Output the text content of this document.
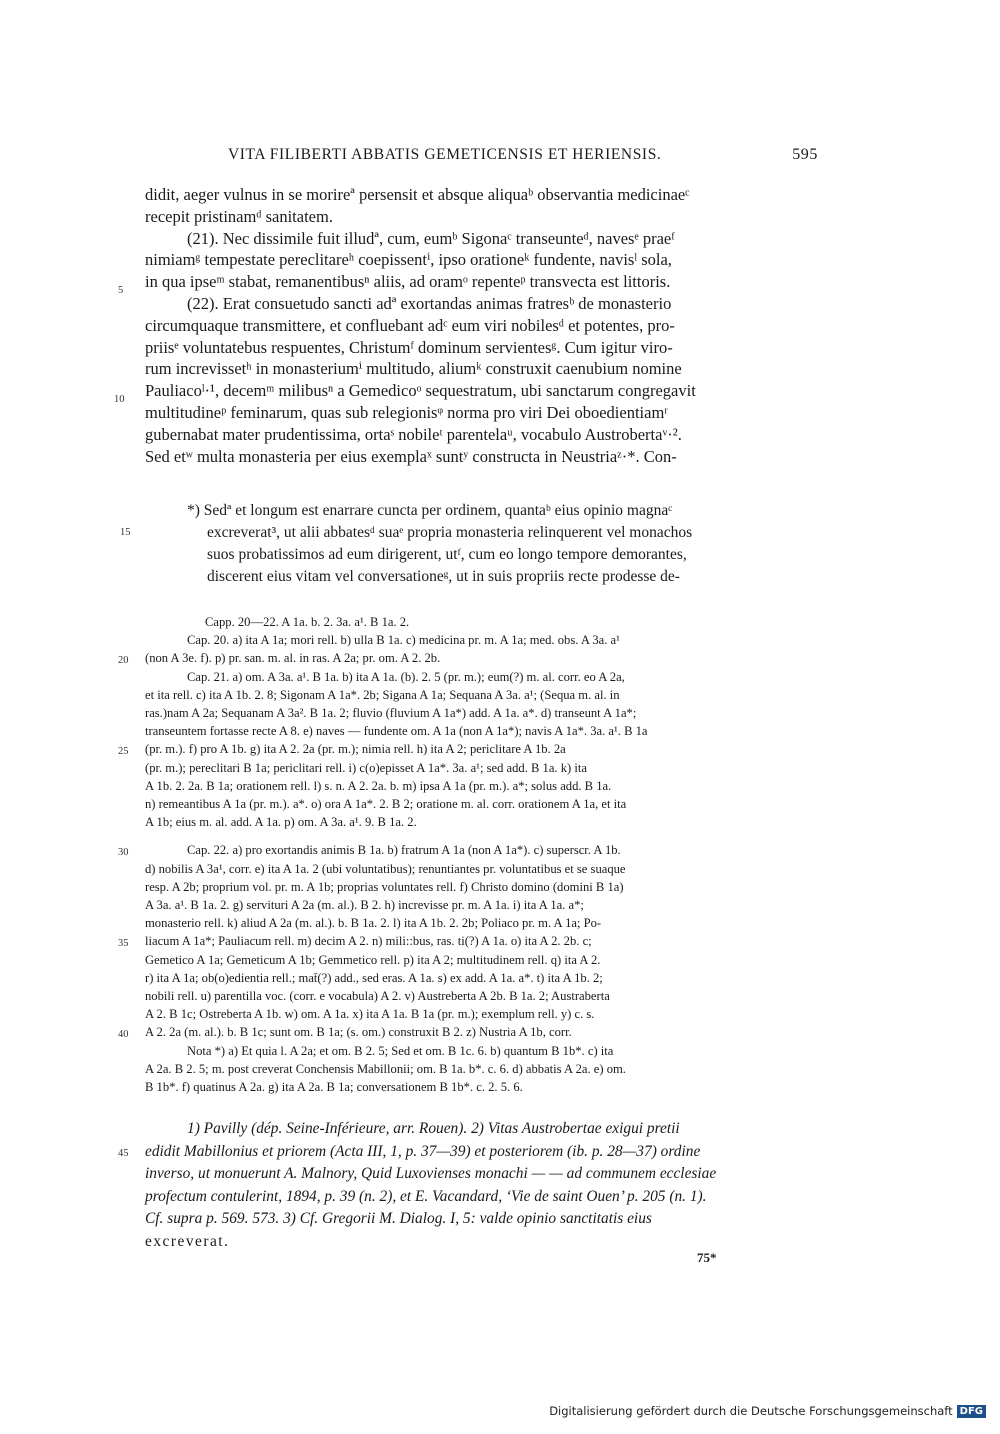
VITA FILIBERTI ABBATIS GEMETICENSIS ET HERIENSIS.	595
didit, aeger vulnus in se morireª persensit et absque aliquaᵇ observantia medicinaeᶜ
recepit pristinamᵈ sanitatem.
(21). Nec dissimile fuit illudª, cum, eumᵇ Sigonaᶜ transeunteᵈ, navesᵉ praeᶠ
nimiamᵍ tempestate pereclitareʰ coepissentⁱ, ipso orationeᵏ fundente, navisˡ sola,
in qua ipseᵐ stabat, remanentibusⁿ aliis, ad oramᵒ repenteᵖ transvecta est littoris.
(22). Erat consuetudo sancti adª exortandas animas fratresᵇ de monasterio
circumquaque transmittere, et confluebant adᶜ eum viri nobilesᵈ et potentes, pro-
priisᵉ voluntatebus respuentes, Christumᶠ dominum servientesᵍ. Cum igitur viro-
rum increvissetʰ in monasteriumⁱ multitudo, aliumᵏ construxit caenubium nomine
Pauliacoˡ·¹, decemᵐ milibusⁿ a Gemedicoᵒ sequestratum, ubi sanctarum congregavit
multitudineᵖ feminarum, quas sub relegionisᵠ norma pro viri Dei oboedientiamʳ
gubernabat mater prudentissima, ortaˢ nobileᵗ parentelaᵘ, vocabulo Austrobertaᵛ·².
Sed etʷ multa monasteria per eius exemplaˣ suntʸ constructa in Neustriaᶻ·*. Con-
5
10
*) Sedª et longum est enarrare cuncta per ordinem, quantaᵇ eius opinio magnaᶜ
excreverat³, ut alii abbatesᵈ suaᵉ propria monasteria relinquerent vel monachos
suos probatissimos ad eum dirigerent, utᶠ, cum eo longo tempore demorantes,
discerent eius vitam vel conversationeᵍ, ut in suis propriis recte prodesse de-
15
Capp. 20—22. A 1a. b. 2. 3a. a¹. B 1a. 2.
Cap. 20. a) ita A 1a; mori rell. b) ulla B 1a. c) medicina pr. m. A 1a; med. obs. A 3a. a¹
(non A 3e. f). p) pr. san. m. al. in ras. A 2a; pr. om. A 2. 2b.
Cap. 21. a) om. A 3a. a¹. B 1a. b) ita A 1a. (b). 2. 5 (pr. m.); eum(?) m. al. corr. eo A 2a,
et ita rell. c) ita A 1b. 2. 8; Sigonam A 1a*. 2b; Sigana A 1a; Sequana A 3a. a¹; (Sequa m. al. in
ras.)nam A 2a; Sequanam A 3a². B 1a. 2; fluvio (fluvium A 1a*) add. A 1a. a*. d) transeunt A 1a*;
transeuntem fortasse recte A 8. e) naves — fundente om. A 1a (non A 1a*); navis A 1a*. 3a. a¹. B 1a
(pr. m.). f) pro A 1b. g) ita A 2. 2a (pr. m.); nimia rell. h) ita A 2; periclitare A 1b. 2a
(pr. m.); pereclitari B 1a; periclitari rell. i) c(o)episset A 1a*. 3a. a¹; sed add. B 1a. k) ita
A 1b. 2. 2a. B 1a; orationem rell. l) s. n. A 2. 2a. b. m) ipsa A 1a (pr. m.). a*; solus add. B 1a.
n) remeantibus A 1a (pr. m.). a*. o) ora A 1a*. 2. B 2; oratione m. al. corr. orationem A 1a, et ita
A 1b; eius m. al. add. A 1a. p) om. A 3a. a¹. 9. B 1a. 2.
Cap. 22. a) pro exortandis animis B 1a. b) fratrum A 1a (non A 1a*). c) superscr. A 1b.
d) nobilis A 3a¹, corr. e) ita A 1a. 2 (ubi voluntatibus); renuntiantes pr. voluntatibus et se suaque
resp. A 2b; proprium vol. pr. m. A 1b; proprias voluntates rell. f) Christo domino (domini B 1a)
A 3a. a¹. B 1a. 2. g) servituri A 2a (m. al.). B 2. h) increvisse pr. m. A 1a. i) ita A 1a. a*;
monasterio rell. k) aliud A 2a (m. al.). b. B 1a. 2. l) ita A 1b. 2. 2b; Poliaco pr. m. A 1a; Po-
liacum A 1a*; Pauliacum rell. m) decim A 2. n) mili::bus, ras. ti(?) A 1a. o) ita A 2. 2b. c;
Gemetico A 1a; Gemeticum A 1b; Gemmetico rell. p) ita A 2; multitudinem rell. q) ita A 2.
r) ita A 1a; ob(o)edientia rell.; mat̄(?) add., sed eras. A 1a. s) ex add. A 1a. a*. t) ita A 1b. 2;
nobili rell. u) parentilla voc. (corr. e vocabula) A 2. v) Austreberta A 2b. B 1a. 2; Austraberta
A 2. B 1c; Ostreberta A 1b. w) om. A 1a. x) ita A 1a. B 1a (pr. m.); exemplum rell. y) c. s.
A 2. 2a (m. al.). b. B 1c; sunt om. B 1a; (s. om.) construxit B 2. z) Nustria A 1b, corr.
Nota *) a) Et quia l. A 2a; et om. B 2. 5; Sed et om. B 1c. 6. b) quantum B 1b*. c) ita
A 2a. B 2. 5; m. post creverat Conchensis Mabillonii; om. B 1a. b*. c. 6. d) abbatis A 2a. e) om.
B 1b*. f) quatinus A 2a. g) ita A 2a. B 1a; conversationem B 1b*. c. 2. 5. 6.
20
25
30
35
40
1) Pavilly (dép. Seine-Inférieure, arr. Rouen). 2) Vitas Austrobertae exigui pretii
edidit Mabillonius et priorem (Acta III, 1, p. 37—39) et posteriorem (ib. p. 28—37) ordine
inverso, ut monuerunt A. Malnory, Quid Luxovienses monachi — — ad communem ecclesiae
profectum contulerint, 1894, p. 39 (n. 2), et E. Vacandard, ‘Vie de saint Ouen’ p. 205 (n. 1).
Cf. supra p. 569. 573. 3) Cf. Gregorii M. Dialog. I, 5: valde opinio sanctitatis eius
excreverat.
45
75*
Digitalisierung gefördert durch die Deutsche Forschungsgemeinschaft DFG
